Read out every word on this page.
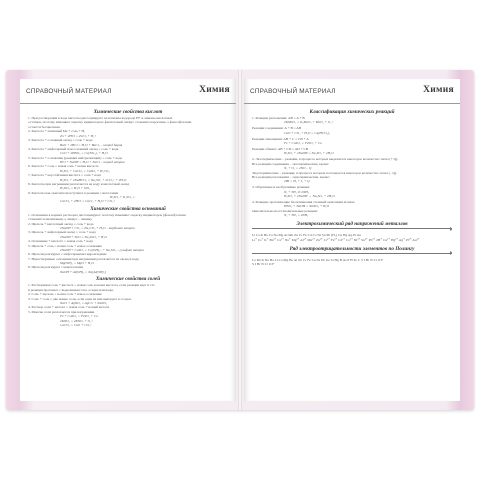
СПРАВОЧНЫЙ МАТЕРИАЛ	Химия
Химические свойства кислот
1. При растворении в воде кислоты диссоциируют на катионы водорода Н+ и анионы кислотных
остатков, поэтому изменяют окраску индикаторов: фиолетовый лакмус становится красным, а фенолфталеин
остается бесцветным.
2. Кислота + активный Me + соль + H₂
Zn + 2HCl = ZnCl₂ + H₂↑
3. Кислота + основный оксид = соль + вода
BaO + 2HCl = H₂O + BaCl₂ – хлорид бария
4. Кислота + амфотерный или основный оксид = соль + вода
CuO + 2HNO₃ = Cu(NO₃)₂ + H₂O
5. Кислота + основание (реакция нейтрализации) = соль + вода
HCl + NaOH = H₂O + NaCl – хлорид натрия
6. Кислота + соль = новая соль + новая кислота
H₂SO₄ + CaCO₃ = CaSO₄ + H₂CO₃
7. Кислота + неустойчивая кислота = соль + вода
H₂SO₄ + 2NaHCO₃ = Na₂SO₄ + 2CO₂↑ + 2H₂O
8. Кислоты при нагревании разлагаются на воду и кислотный оксид
H₂SiO₃ = H₂O + SiO₂
9. Кислоты как окислители вступают в реакции с металлами
H₂SO₄ + K₂SO₃ =
CaCO₃ + 2HCl = CaCl₂ + H₂O + CO₂↑
Химические свойства оснований
1. Основания в водных растворах диссоциируют, поэтому изменяют окраску индикаторов (фенолфталеин
становится малиновым, а лакмус – синим).
2. Щелочь + кислотный оксид = соль + вода
2NaOH + CO₂ = Na₂CO₃ + H₂O – карбонат натрия
3. Щелочь + амфотерный оксид = соль + вода
2NaOH + ZnO = Na₂ZnO₂ + H₂O
4. Основание + кислота = новая соль + вода
5. Щелочь + соль = новая соль + новое основание
2NaOH + CuSO₄ = Cu(OH)₂↓ + Na₂SO₄ – сульфат натрия
6. Щелочи реагируют с амфотерными гидроксидами
7. Нерастворимые основания при нагревании разлагаются на оксид и воду
Mg(OH)₂ = MgO + H₂O
8. Щелочи реагируют с неметаллами
NaOH + Al(OH)₃ = Na[Al(OH)₄]
Химические свойства солей
1. Растворимая соль + кислота = новая соль и новая кислота, если реакция идет и газ
и реакция протекает с выделением газа, осадка или воды.
2. Соль + щелочь = новая соль + новое основание
3. Соль + соль = две новые соли, если одна из них выпадает в осадок.
NaCl + AgNO₃ = AgCl↓ + NaNO₃
4. Раствор соли + металл = новая соль + новый металл
5. Многие соли разлагаются при нагревании
Fe + CuSO₄ = FeSO₄ + Cu
2KNO₃ = 2KNO₂ + O₂↑
CaCO₃ = CaO + CO₂↑
СПРАВОЧНЫЙ МАТЕРИАЛ	Химия
Классификация химических реакций
1. Реакции разложения: AB = A + B
2KMnO₄ = K₂MnO₄ + MnO₂ + O₂↑
Реакции соединения: A + B = AB
CaO + CO₂ + H₂O = Ca(HCO₃)₂
Реакции замещения: AB + C = CB + A
Fe + CuSO₄ = FeSO₄ + Cu
Реакции обмена: AB + CD = AD + CB
H₂SO₄ + 2NaOH = Na₂SO₄ + 2H₂O
2. Экзотермические – реакции, в процессе которых выделяется некоторое количество тепла (+ Q).
Все реакции соединения – экзотермические, кроме:
N₂ + O₂ = 2NO – Q
Эндотермические – реакции, в процессе которых поглощается некоторое количество тепла (– Q).
Все реакции разложения – эндотермические, кроме:
2HI = H₂ + I₂ + Q
3. Обратимые и необратимые реакции:
N₂ + 3H₂ ⇄ 2NH₃
H₂SO₄ + 2NaOH → Na₂SO₄ + 2H₂O
4. Реакции, протекающие без изменения степеней окисления атомов:
HNO₃ + NaOH = NaNO₃ + H₂O
Окислительно-восстановительные реакции:
N₂ + 3H₂ = 2NH₃
Электрохимический ряд напряжений металлов
Li Cs K Ba Ca Na Mg Al Mn Zn Cr Fe Cd Co Ni Sn Pb (H₂) Cu Hg Ag Pt Au
Li⁺ Cs⁺ K⁺ Ba²⁺ Ca²⁺ Na⁺ Mg²⁺ Al³⁺ Mn²⁺ Zn²⁺ Cr³⁺ Fe²⁺ Cd²⁺ Co²⁺ Ni²⁺ Sn²⁺ Pb²⁺ 2H⁺ Cu²⁺ Hg²⁺ Ag⁺ Pt²⁺ Au³⁺
Ряд электроотрицательности элементов по Полингу
Cs Rb K Na Ba Li Ca Mg Be Al Zn Cr Fe Cu Sn Pb Ge Si Hg B As P H Te C S I Br N Cl O F
S I Br N Cl O F
